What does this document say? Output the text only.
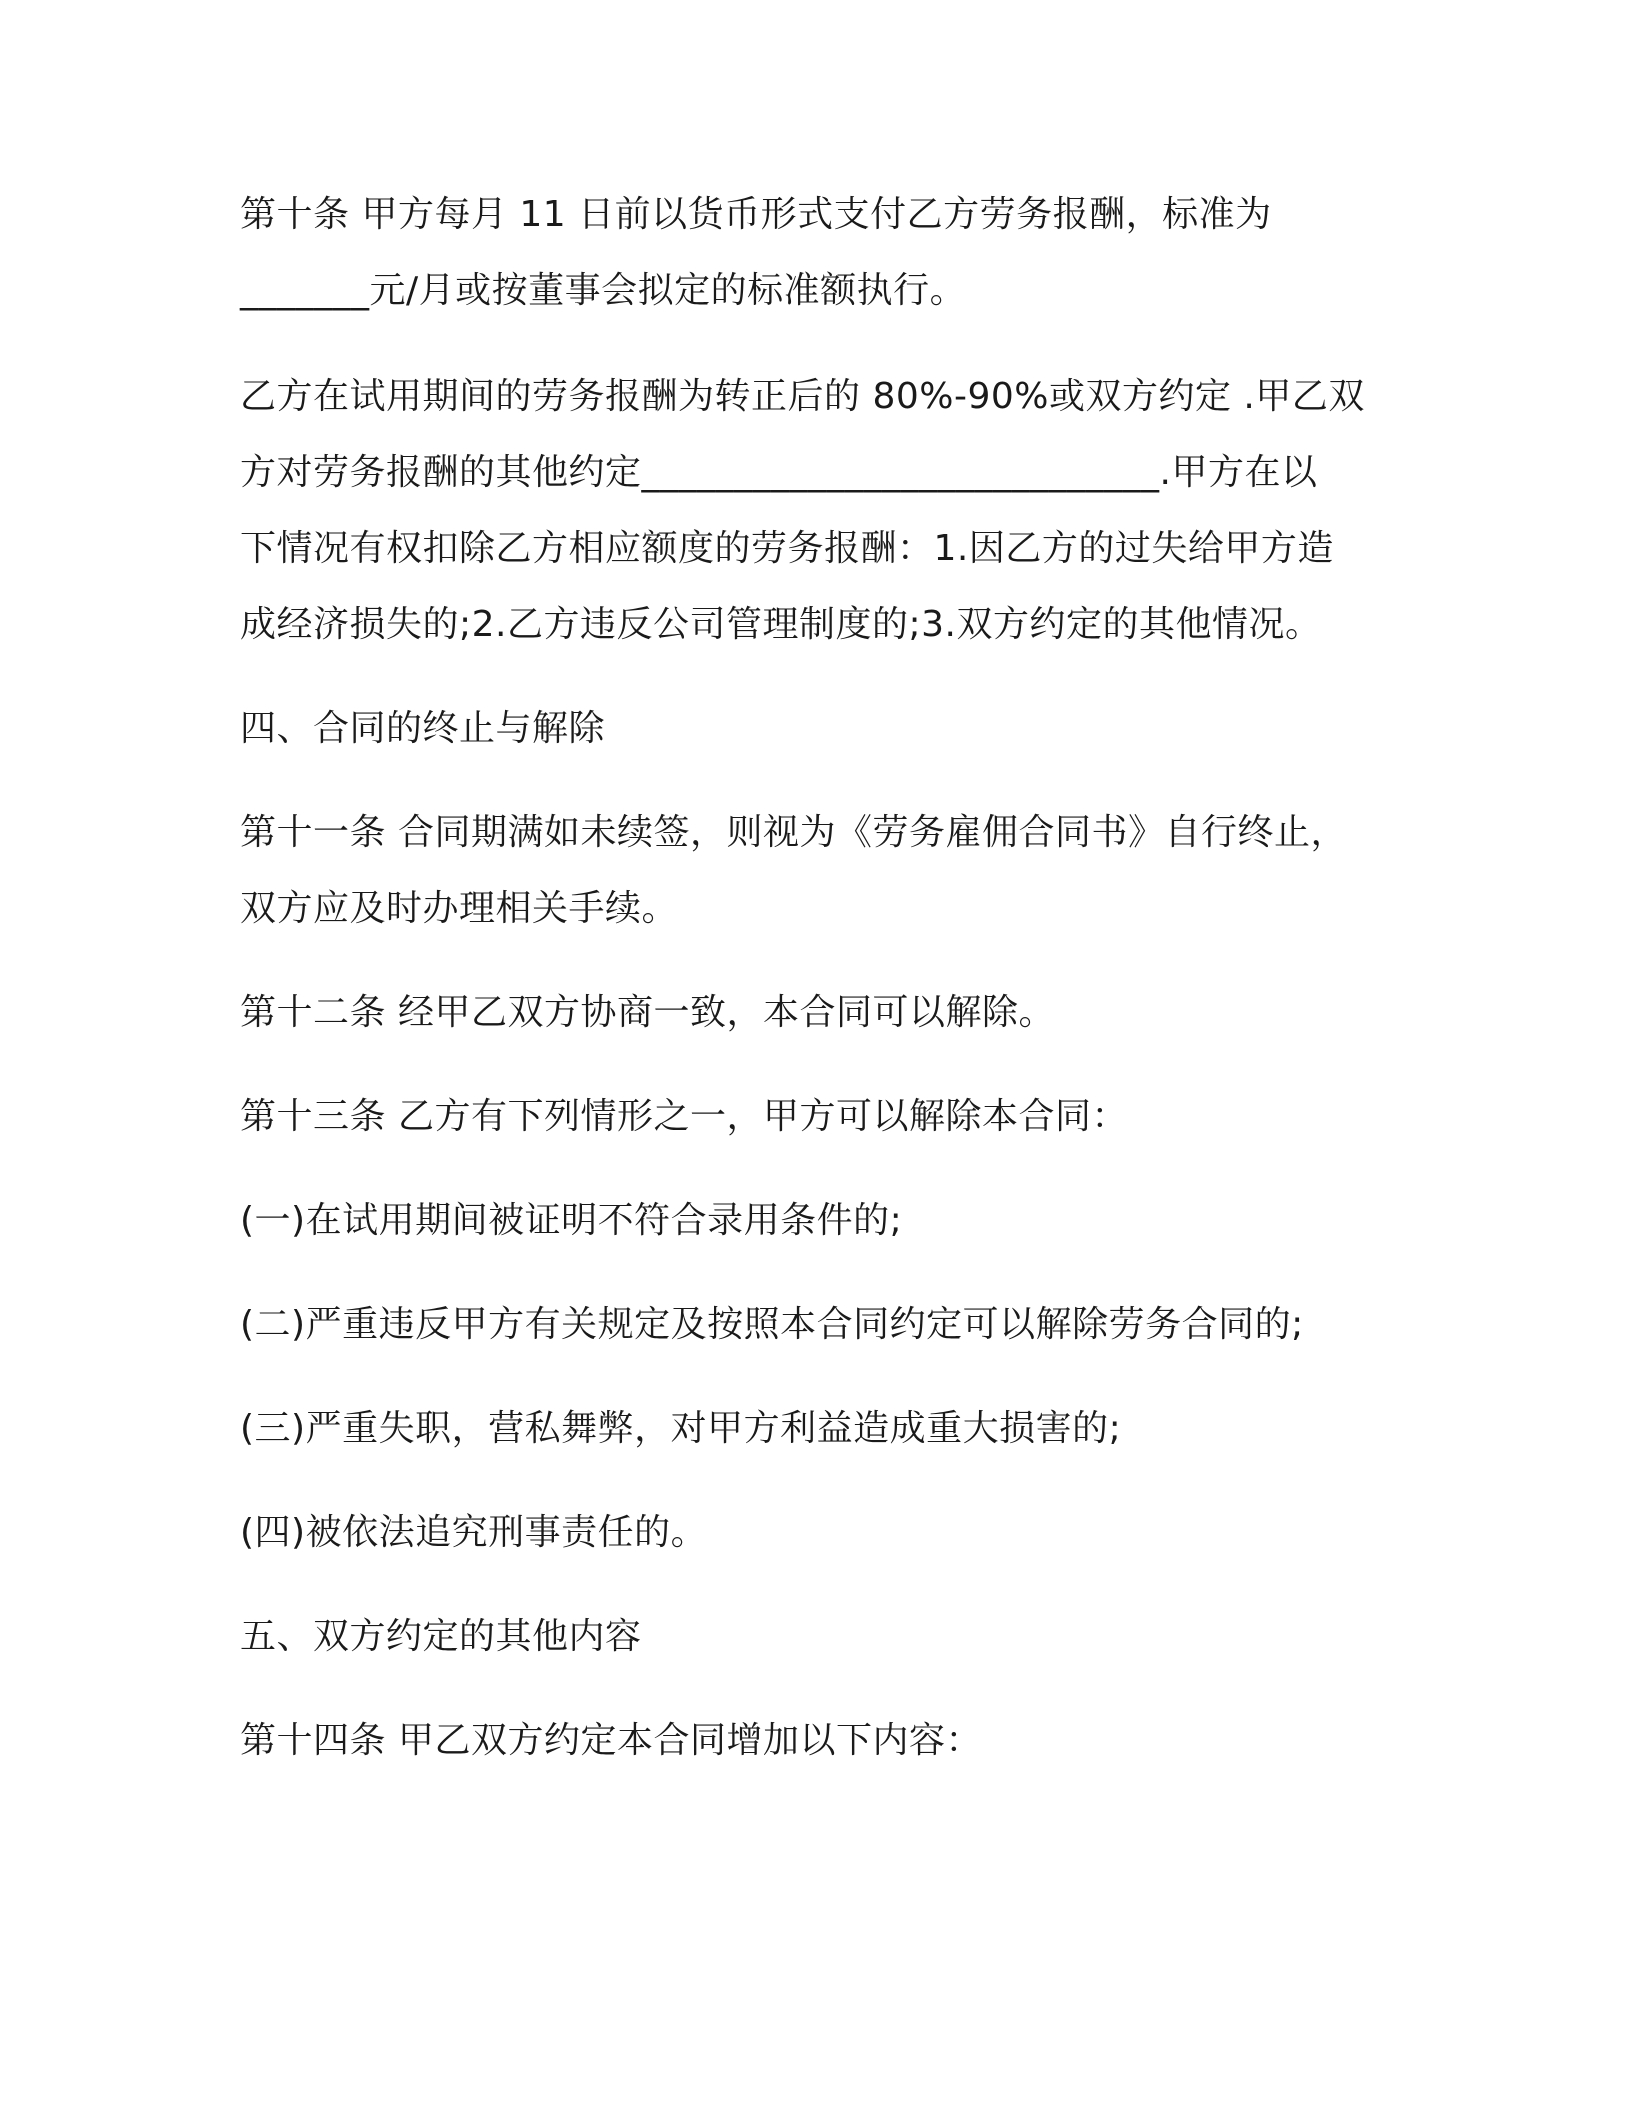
第十条 甲方每月 11 日前以货币形式支付乙方劳务报酬，标准为

_______元/月或按董事会拟定的标准额执行。

乙方在试用期间的劳务报酬为转正后的 80%-90%或双方约定 .甲乙双

方对劳务报酬的其他约定____________________________.甲方在以

下情况有权扣除乙方相应额度的劳务报酬：1.因乙方的过失给甲方造

成经济损失的;2.乙方违反公司管理制度的;3.双方约定的其他情况。

四、合同的终止与解除

第十一条 合同期满如未续签，则视为《劳务雇佣合同书》自行终止，

双方应及时办理相关手续。

第十二条 经甲乙双方协商一致，本合同可以解除。

第十三条 乙方有下列情形之一，甲方可以解除本合同：

(一)在试用期间被证明不符合录用条件的;

(二)严重违反甲方有关规定及按照本合同约定可以解除劳务合同的;

(三)严重失职，营私舞弊，对甲方利益造成重大损害的;

(四)被依法追究刑事责任的。

五、双方约定的其他内容

第十四条 甲乙双方约定本合同增加以下内容：
